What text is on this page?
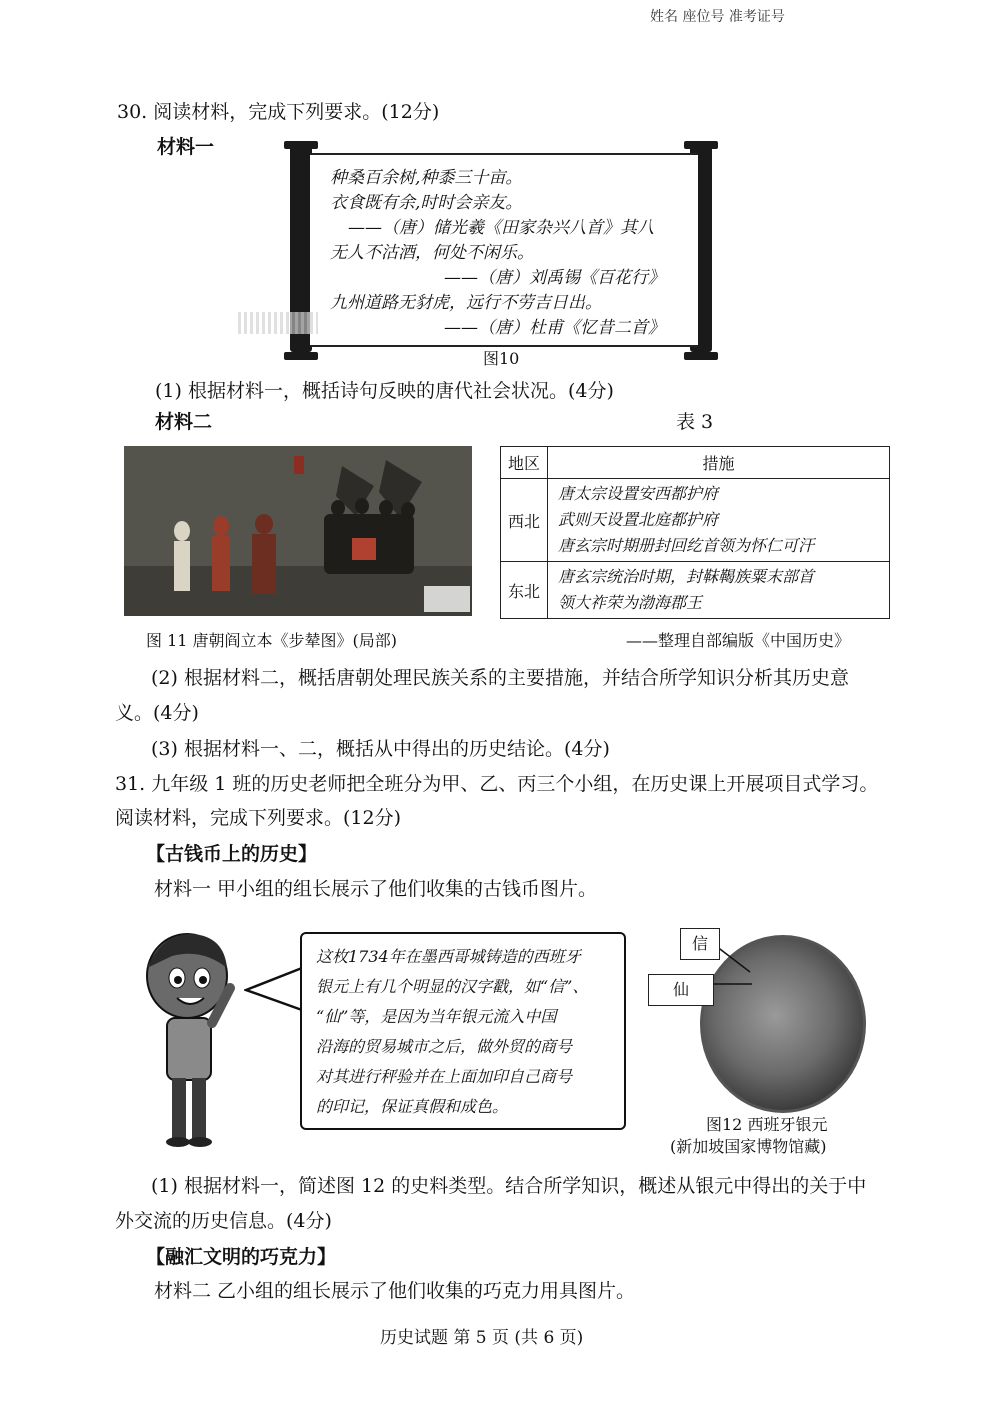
姓名 座位号 准考证号
30. 阅读材料，完成下列要求。(12分)
材料一
种桑百余树,种黍三十亩。
衣食既有余,时时会亲友。
——（唐）储光羲《田家杂兴八首》其八
无人不沽酒，何处不闲乐。
——（唐）刘禹锡《百花行》
九州道路无豺虎，远行不劳吉日出。
——（唐）杜甫《忆昔二首》
图10
(1) 根据材料一，概括诗句反映的唐代社会状况。(4分)
材料二	表 3
地区	措施
西北	唐太宗设置安西都护府
武则天设置北庭都护府
唐玄宗时期册封回纥首领为怀仁可汗

东北	唐玄宗统治时期，封靺鞨族粟末部首
领大祚荣为渤海郡王
图 11 唐朝阎立本《步辇图》(局部)	——整理自部编版《中国历史》
(2) 根据材料二，概括唐朝处理民族关系的主要措施，并结合所学知识分析其历史意
义。(4分)
(3) 根据材料一、二，概括从中得出的历史结论。(4分)
31. 九年级 1 班的历史老师把全班分为甲、乙、丙三个小组，在历史课上开展项目式学习。
阅读材料，完成下列要求。(12分)
【古钱币上的历史】
材料一 甲小组的组长展示了他们收集的古钱币图片。
这枚1734年在墨西哥城铸造的西班牙
银元上有几个明显的汉字戳，如“信”、
“仙”等，是因为当年银元流入中国
沿海的贸易城市之后，做外贸的商号
对其进行秤验并在上面加印自己商号
的印记，保证真假和成色。
信
仙
图12 西班牙银元
(新加坡国家博物馆藏)
(1) 根据材料一，简述图 12 的史料类型。结合所学知识，概述从银元中得出的关于中
外交流的历史信息。(4分)
【融汇文明的巧克力】
材料二 乙小组的组长展示了他们收集的巧克力用具图片。
历史试题 第 5 页 (共 6 页)
